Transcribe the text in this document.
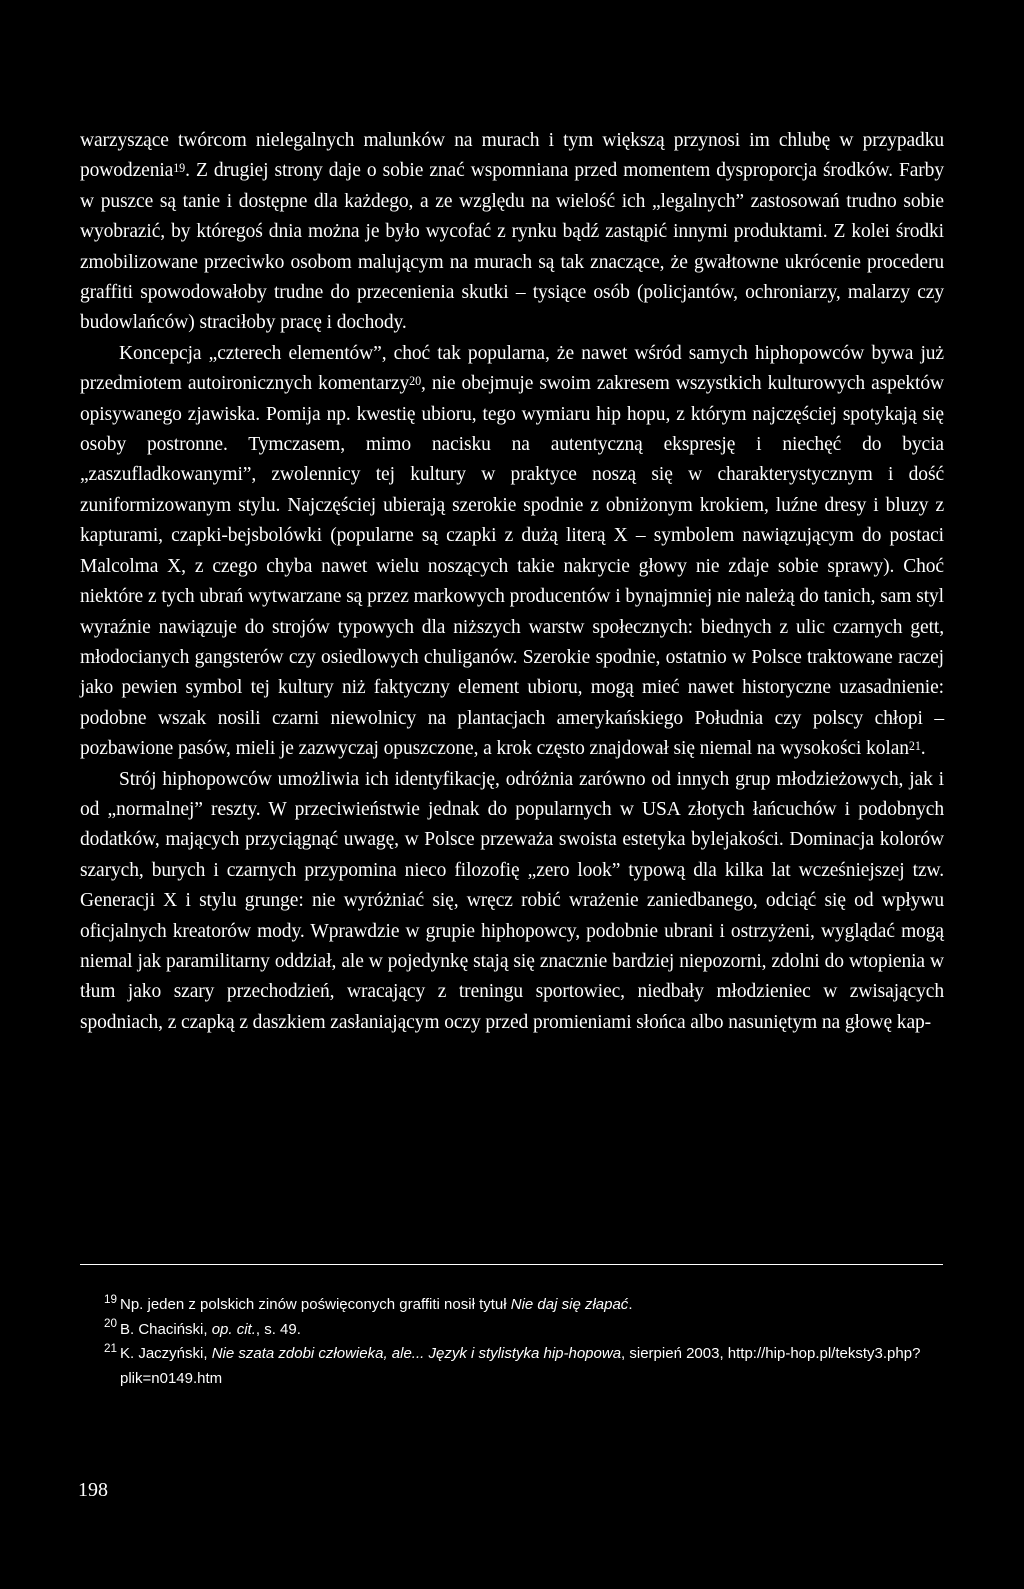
warzyszące twórcom nielegalnych malunków na murach i tym większą przynosi im chlubę w przypadku powodzenia$^{19}$. Z drugiej strony daje o sobie znać wspomniana przed momentem dysproporcja środków. Farby w puszce są tanie i dostępne dla każdego, a ze względu na wielość ich „legalnych” zastosowań trudno sobie wyobrazić, by któregoś dnia można je było wycofać z rynku bądź zastąpić innymi produktami. Z kolei środki zmobilizowane przeciwko osobom malującym na murach są tak znaczące, że gwałtowne ukrócenie procederu graffiti spowodowałoby trudne do przecenienia skutki – tysiące osób (policjantów, ochroniarzy, malarzy czy budowlańców) straciłoby pracę i dochody.

Koncepcja „czterech elementów”, choć tak popularna, że nawet wśród samych hiphopowców bywa już przedmiotem autoironicznych komentarzy$^{20}$, nie obejmuje swoim zakresem wszystkich kulturowych aspektów opisywanego zjawiska. Pomija np. kwestię ubioru, tego wymiaru hip hopu, z którym najczęściej spotykają się osoby postronne. Tymczasem, mimo nacisku na autentyczną ekspresję i niechęć do bycia „zaszufladkowanymi”, zwolennicy tej kultury w praktyce noszą się w charakterystycznym i dość zuniformizowanym stylu. Najczęściej ubierają szerokie spodnie z obniżonym krokiem, luźne dresy i bluzy z kapturami, czapki-bejsbolówki (popularne są czapki z dużą literą X – symbolem nawiązującym do postaci Malcolma X, z czego chyba nawet wielu noszących takie nakrycie głowy nie zdaje sobie sprawy). Choć niektóre z tych ubrań wytwarzane są przez markowych producentów i bynajmniej nie należą do tanich, sam styl wyraźnie nawiązuje do strojów typowych dla niższych warstw społecznych: biednych z ulic czarnych gett, młodocianych gangsterów czy osiedlowych chuliganów. Szerokie spodnie, ostatnio w Polsce traktowane raczej jako pewien symbol tej kultury niż faktyczny element ubioru, mogą mieć nawet historyczne uzasadnienie: podobne wszak nosili czarni niewolnicy na plantacjach amerykańskiego Południa czy polscy chłopi – pozbawione pasów, mieli je zazwyczaj opuszczone, a krok często znajdował się niemal na wysokości kolan$^{21}$.

Strój hiphopowców umożliwia ich identyfikację, odróżnia zarówno od innych grup młodzieżowych, jak i od „normalnej” reszty. W przeciwieństwie jednak do popularnych w USA złotych łańcuchów i podobnych dodatków, mających przyciągnąć uwagę, w Polsce przeważa swoista estetyka bylejakości. Dominacja kolorów szarych, burych i czarnych przypomina nieco filozofię „zero look” typową dla kilka lat wcześniejszej tzw. Generacji X i stylu grunge: nie wyróżniać się, wręcz robić wrażenie zaniedbanego, odciąć się od wpływu oficjalnych kreatorów mody. Wprawdzie w grupie hiphopowcy, podobnie ubrani i ostrzyżeni, wyglądać mogą niemal jak paramilitarny oddział, ale w pojedynkę stają się znacznie bardziej niepozorni, zdolni do wtopienia w tłum jako szary przechodzień, wracający z treningu sportowiec, niedbały młodzieniec w zwisających spodniach, z czapką z daszkiem zasłaniającym oczy przed promieniami słońca albo nasuniętym na głowę kap-

19 Np. jeden z polskich zinów poświęconych graffiti nosił tytuł Nie daj się złapać.

20 B. Chaciński, op. cit., s. 49.

21 K. Jaczyński, Nie szata zdobi człowieka, ale... Język i stylistyka hip-hopowa, sierpień 2003, http://hip-hop.pl/teksty3.php?plik=n0149.htm

198
